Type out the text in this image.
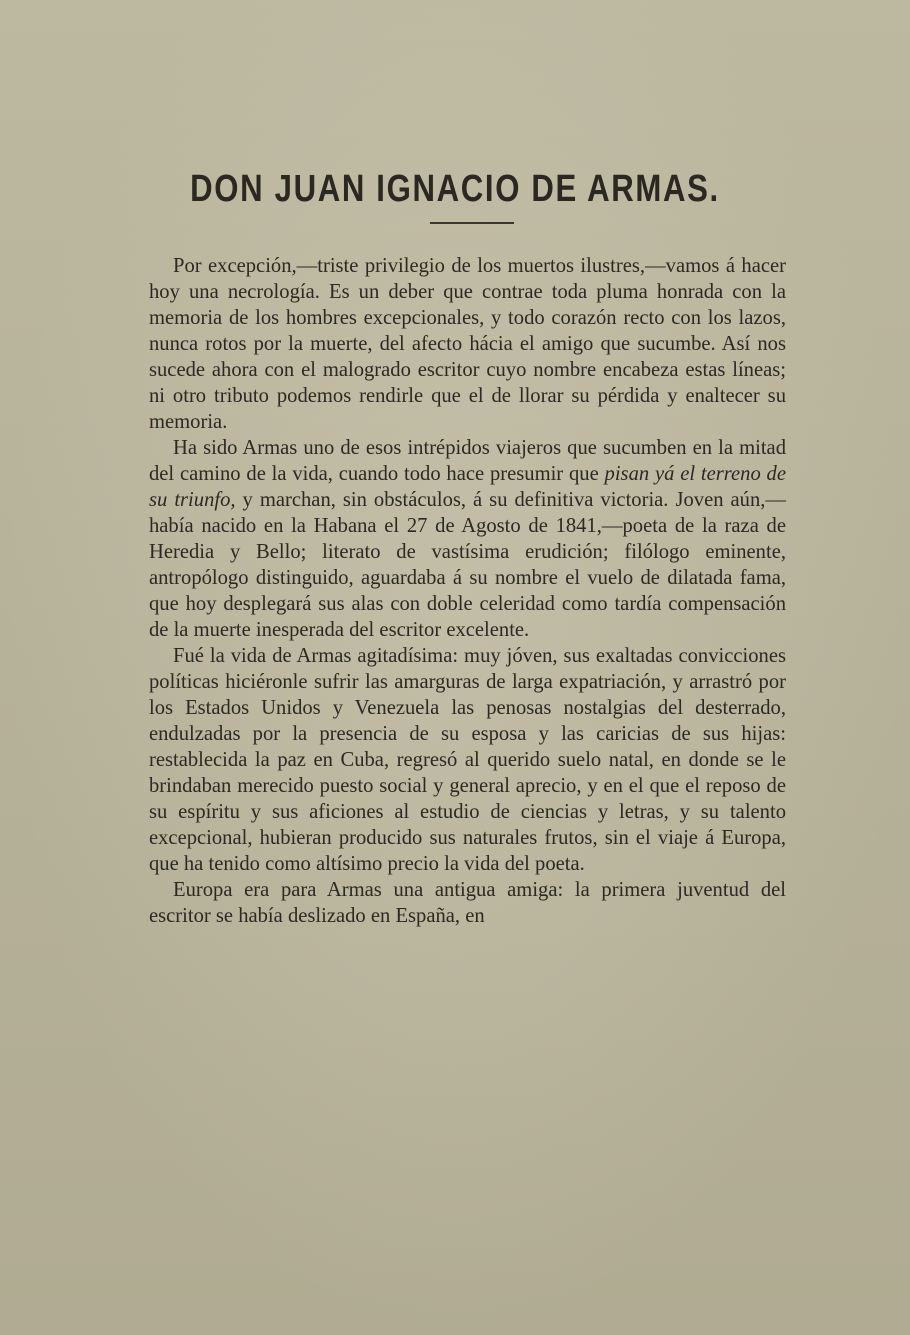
DON JUAN IGNACIO DE ARMAS.

Por excepción,—triste privilegio de los muertos ilustres,—vamos á hacer hoy una necrología. Es un deber que contrae toda pluma honrada con la memoria de los hombres excepcionales, y todo corazón recto con los lazos, nunca rotos por la muerte, del afecto hácia el amigo que sucumbe. Así nos sucede ahora con el malogrado escritor cuyo nombre encabeza estas líneas; ni otro tributo podemos rendirle que el de llorar su pérdida y enaltecer su memoria.

Ha sido Armas uno de esos intrépidos viajeros que sucumben en la mitad del camino de la vida, cuando todo hace presumir que pisan yá el terreno de su triunfo, y marchan, sin obstáculos, á su definitiva victoria. Joven aún,—había nacido en la Habana el 27 de Agosto de 1841,—poeta de la raza de Heredia y Bello; literato de vastísima erudición; filólogo eminente, antropólogo distinguido, aguardaba á su nombre el vuelo de dilatada fama, que hoy desplegará sus alas con doble celeridad como tardía compensación de la muerte inesperada del escritor excelente.

Fué la vida de Armas agitadísima: muy jóven, sus exaltadas convicciones políticas hiciéronle sufrir las amarguras de larga expatriación, y arrastró por los Estados Unidos y Venezuela las penosas nostalgias del desterrado, endulzadas por la presencia de su esposa y las caricias de sus hijas: restablecida la paz en Cuba, regresó al querido suelo natal, en donde se le brindaban merecido puesto social y general aprecio, y en el que el reposo de su espíritu y sus aficiones al estudio de ciencias y letras, y su talento excepcional, hubieran producido sus naturales frutos, sin el viaje á Europa, que ha tenido como altísimo precio la vida del poeta.

Europa era para Armas una antigua amiga: la primera juventud del escritor se había deslizado en España, en
